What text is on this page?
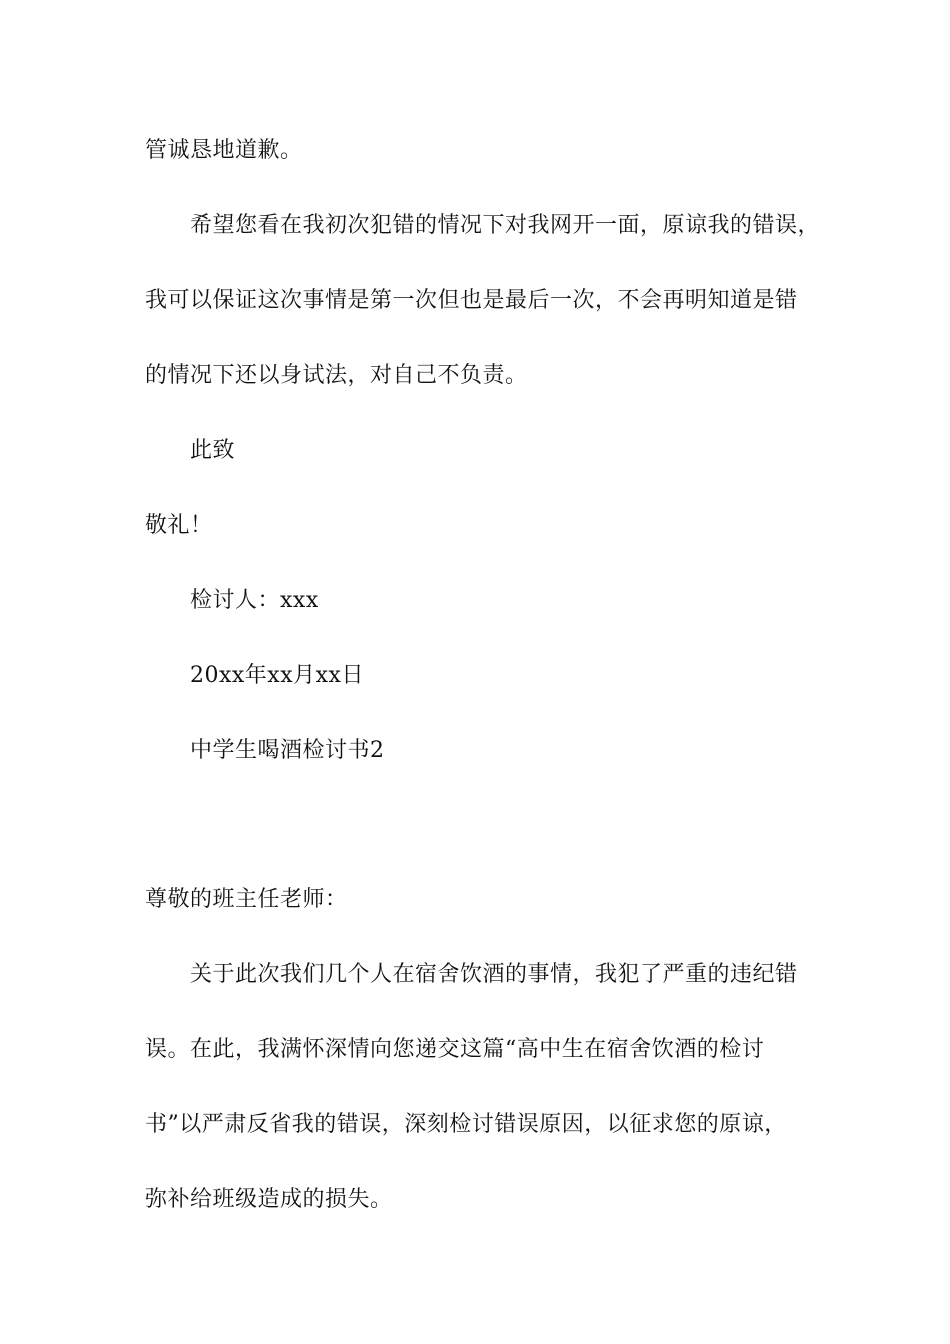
管诚恳地道歉。
希望您看在我初次犯错的情况下对我网开一面，原谅我的错误，
我可以保证这次事情是第一次但也是最后一次，不会再明知道是错
的情况下还以身试法，对自己不负责。
此致
敬礼！
检讨人：xxx
20xx年xx月xx日
中学生喝酒检讨书2
尊敬的班主任老师：
关于此次我们几个人在宿舍饮酒的事情，我犯了严重的违纪错
误。在此，我满怀深情向您递交这篇“高中生在宿舍饮酒的检讨
书”以严肃反省我的错误，深刻检讨错误原因，以征求您的原谅，
弥补给班级造成的损失。
